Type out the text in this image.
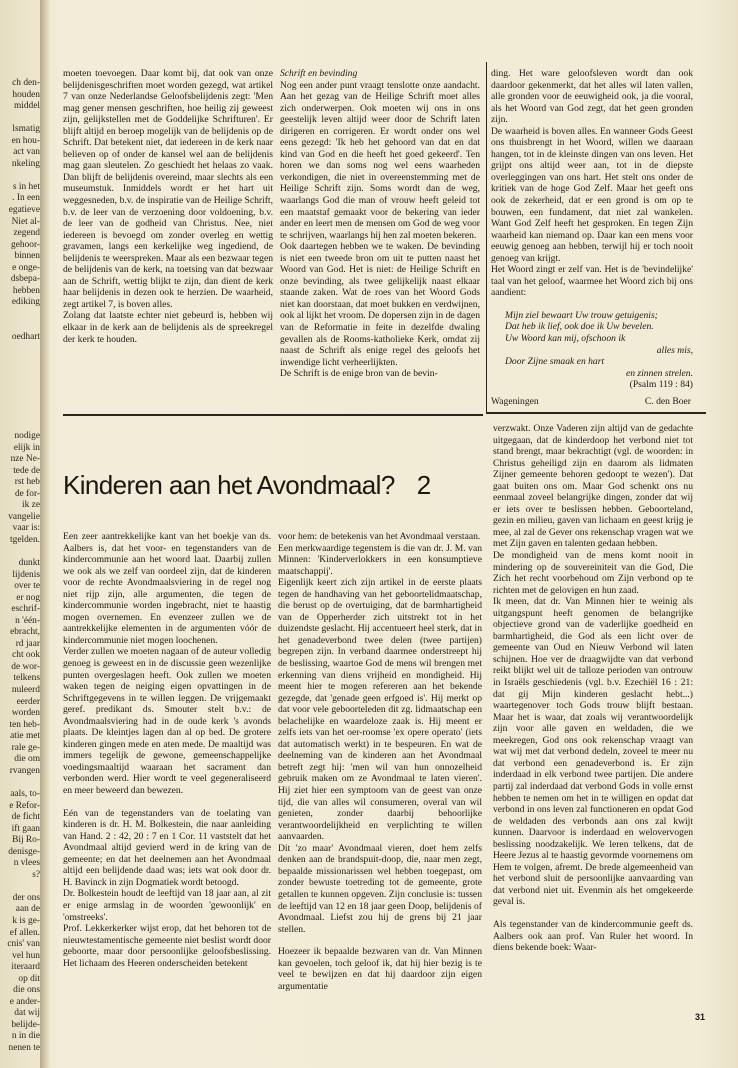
ch den-
houden
middel
lsmatig
en hou-
act van
nkeling
s in het
. In een
egatieve
Niet al-
zegend
gehoor-
binnen
e onge-
dsbepa-
hebben
ediking
oedhart
nodige
elijk in
nze Ne-
tede de
rst heb
de for-
ik ze
vangelie
vaar is:
tgelden.
dunkt
lijdenis
over te
er nog
eschrif-
n 'één-
ebracht,
rd jaar
cht ook
de wor-
telkens
nuleerd
eerder
worden
ten heb-
atie met
rale ge-
die om
rvangen
aals, to-
e Refor-
de ficht
ift gaan
Bij Ro-
denisge-
n vlees
s?
der ons
aan de
k is ge-
ef allen.
cnis' van
vel hun
iteraard
op dit
die ons
e ander-
dat wij
belijde-
n in die
nenen te

moeten toevoegen. Daar komt bij, dat ook van onze belijdenisgeschriften moet worden gezegd, wat artikel 7 van onze Nederlandse Geloofsbelijdenis zegt: 'Men mag gener mensen geschriften, hoe heilig zij geweest zijn, gelijkstellen met de Goddelijke Schrifturen'. Er blijft altijd en beroep mogelijk van de belijdenis op de Schrift. Dat betekent niet, dat iedereen in de kerk naar believen op of onder de kansel wel aan de belijdenis mag gaan sleutelen. Zo geschiedt het helaas zo vaak. Dan blijft de belijdenis overeind, maar slechts als een museumstuk. Inmiddels wordt er het hart uit weggesneden, b.v. de inspiratie van de Heilige Schrift, b.v. de leer van de verzoening door voldoening, b.v. de leer van de godheid van Christus. Nee, niet iedereen is bevoegd om zonder overleg en wettig gravamen, langs een kerkelijke weg ingediend, de belijdenis te weerspreken. Maar als een bezwaar tegen de belijdenis van de kerk, na toetsing van dat bezwaar aan de Schrift, wettig blijkt te zijn, dan dient de kerk haar belijdenis in dezen ook te herzien. De waarheid, zegt artikel 7, is boven alles.

Zolang dat laatste echter niet gebeurd is, hebben wij elkaar in de kerk aan de belijdenis als de spreekregel der kerk te houden.

Schrift en bevinding

Nog een ander punt vraagt tenslotte onze aandacht. Aan het gezag van de Heilige Schrift moet alles zich onderwerpen. Ook moeten wij ons in ons geestelijk leven altijd weer door de Schrift laten dirigeren en corrigeren. Er wordt onder ons wel eens gezegd: 'Ik heb het gehoord van dat en dat kind van God en die heeft het goed gekeerd'. Ten horen we dan soms nog wel eens waarheden verkondigen, die niet in overeenstemming met de Heilige Schrift zijn. Soms wordt dan de weg, waarlangs God die man of vrouw heeft geleid tot een maatstaf gemaakt voor de bekering van ieder ander en leert men de mensen om God de weg voor te schrijven, waarlangs hij hen zal moeten bekeren.

Ook daartegen hebben we te waken. De bevinding is niet een tweede bron om uit te putten naast het Woord van God. Het is niet: de Heilige Schrift en onze bevinding, als twee gelijkelijk naast elkaar staande zaken. Wat de roes van het Woord Gods niet kan doorstaan, dat moet bukken en verdwijnen, ook al lijkt het vroom. De dopersen zijn in de dagen van de Reformatie in feite in dezelfde dwaling gevallen als de Rooms-katholieke Kerk, omdat zij naast de Schrift als enige regel des geloofs het inwendige licht verheerlijkten.

De Schrift is de enige bron van de bevin-

ding. Het ware geloofsleven wordt dan ook daardoor gekenmerkt, dat het alles wil laten vallen, alle gronden voor de eeuwigheid ook, ja die vooral, als het Woord van God zegt, dat het geen gronden zijn.

De waarheid is boven alles. En wanneer Gods Geest ons thuisbrengt in het Woord, willen we daaraan hangen, tot in de kleinste dingen van ons leven. Het grijpt ons altijd weer aan, tot in de diepste overleggingen van ons hart. Het stelt ons onder de kritiek van de hoge God Zelf. Maar het geeft ons ook de zekerheid, dat er een grond is om op te bouwen, een fundament, dat niet zal wankelen. Want God Zelf heeft het gesproken. En tegen Zijn waarheid kan niemand op. Daar kan een mens voor eeuwig genoeg aan hebben, terwijl hij er toch nooit genoeg van krijgt.

Het Woord zingt er zelf van. Het is de 'bevindelijke' taal van het geloof, waarmee het Woord zich bij ons aandient:

Mijn ziel bewaart Uw trouw getuigenis;
Dat heb ik lief, ook doe ik Uw bevelen.
Uw Woord kan mij, ofschoon ik
alles mis,
Door Zijne smaak en hart
en zinnen strelen.
(Psalm 119 : 84)
Wageningen	C. den Boer
Kinderen aan het Avondmaal? 2

Een zeer aantrekkelijke kant van het boekje van ds. Aalbers is, dat het voor- en tegenstanders van de kindercommunie aan het woord laat. Daarbij zullen we ook als we zelf van oordeel zijn, dat de kinderen voor de rechte Avondmaalsviering in de regel nog niet rijp zijn, alle argumenten, die tegen de kindercommunie worden ingebracht, niet te haastig mogen overnemen. En evenzeer zullen we de aantrekkelijke elementen in de argumenten vóór de kindercommunie niet mogen loochenen.

Verder zullen we moeten nagaan of de auteur volledig genoeg is geweest en in de discussie geen wezenlijke punten overgeslagen heeft. Ook zullen we moeten waken tegen de neiging eigen opvattingen in de Schriftgegevens in te willen leggen. De vrijgemaakt geref. predikant ds. Smouter stelt b.v.: de Avondmaalsviering had in de oude kerk 's avonds plaats. De kleintjes lagen dan al op bed. De grotere kinderen gingen mede en aten mede. De maaltijd was immers tegelijk de gewone, gemeenschappelijke voedingsmaaltijd waaraan het sacrament dan verbonden werd. Hier wordt te veel gegeneraliseerd en meer beweerd dan bewezen.

Eén van de tegenstanders van de toelating van kinderen is dr. H. M. Bolkestein, die naar aanleiding van Hand. 2 : 42, 20 : 7 en 1 Cor. 11 vaststelt dat het Avondmaal altijd gevierd werd in de kring van de gemeente; en dat het deelnemen aan het Avondmaal altijd een belijdende daad was; iets wat ook door dr. H. Bavinck in zijn Dogmatiek wordt betoogd.

Dr. Bolkestein houdt de leeftijd van 18 jaar aan, al zit er enige armslag in de woorden 'gewoonlijk' en 'omstreeks'.

Prof. Lekkerkerker wijst erop, dat het behoren tot de nieuwtestamentische gemeente niet beslist wordt door geboorte, maar door persoonlijke geloofsbeslissing. Het lichaam des Heeren onderscheiden betekent

voor hem: de betekenis van het Avondmaal verstaan.

Een merkwaardige tegenstem is die van dr. J. M. van Minnen: 'Kinderverlokkers in een konsumptieve maatschappij'.

Eigenlijk keert zich zijn artikel in de eerste plaats tegen de handhaving van het geboortelidmaatschap, die berust op de overtuiging, dat de barmhartigheid van de Opperherder zich uitstrekt tot in het duizendste geslacht. Hij accentueert heel sterk, dat in het genadeverbond twee delen (twee partijen) begrepen zijn. In verband daarmee onderstreept hij de beslissing, waartoe God de mens wil brengen met erkenning van diens vrijheid en mondigheid. Hij meent hier te mogen refereren aan het bekende gezegde, dat 'genade geen erfgoed is'. Hij merkt op dat voor vele geboorteleden dit zg. lidmaatschap een belachelijke en waardeloze zaak is. Hij meent er zelfs iets van het oer-roomse 'ex opere operato' (iets dat automatisch werkt) in te bespeuren. En wat de deelneming van de kinderen aan het Avondmaal betreft zegt hij: 'men wil van hun onnozelheid gebruik maken om ze Avondmaal te laten vieren'. Hij ziet hier een symptoom van de geest van onze tijd, die van alles wil consumeren, overal van wil genieten, zonder daarbij behoorlijke verantwoordelijkheid en verplichting te willen aanvaarden.

Dit 'zo maar' Avondmaal vieren, doet hem zelfs denken aan de brandspuit-doop, die, naar men zegt, bepaalde missionarissen wel hebben toegepast, om zonder bewuste toetreding tot de gemeente, grote getallen te kunnen opgeven. Zijn conclusie is: tussen de leeftijd van 12 en 18 jaar geen Doop, belijdenis of Avondmaal. Liefst zou hij de grens bij 21 jaar stellen.

Hoezeer ik bepaalde bezwaren van dr. Van Minnen kan gevoelen, toch geloof ik, dat hij hier bezig is te veel te bewijzen en dat hij daardoor zijn eigen argumentatie

verzwakt. Onze Vaderen zijn altijd van de gedachte uitgegaan, dat de kinderdoop het verbond niet tot stand brengt, maar bekrachtigt (vgl. de woorden: in Christus geheiligd zijn en daarom als lidmaten Zijner gemeente behoren gedoopt te wezen'). Dat gaat buiten ons om. Maar God schenkt ons nu eenmaal zoveel belangrijke dingen, zonder dat wij er iets over te beslissen hebben. Geboorteland, gezin en milieu, gaven van lichaam en geest krijg je mee, al zal de Gever ons rekenschap vragen wat we met Zijn gaven en talenten gedaan hebben.

De mondigheid van de mens komt nooit in mindering op de souvereiniteit van die God, Die Zich het recht voorbehoud om Zijn verbond op te richten met de gelovigen en hun zaad.

Ik meen, dat dr. Van Minnen hier te weinig als uitgangspunt heeft genomen de belangrijke objectieve grond van de vaderlijke goedheid en barmhartigheid, die God als een licht over de gemeente van Oud en Nieuw Verbond wil laten schijnen. Hoe ver de draagwijdte van dat verbond reikt blijkt wel uit de talloze perioden van ontrouw in Israëls geschiedenis (vgl. b.v. Ezechiël 16 : 21: dat gij Mijn kinderen geslacht hebt...) waartegenover toch Gods trouw blijft bestaan. Maar het is waar, dat zoals wij verantwoordelijk zijn voor alle gaven en weldaden, die we meekregen, God ons ook rekenschap vraagt van wat wij met dat verbond dedeln, zoveel te meer nu dat verbond een genadeverbond is. Er zijn inderdaad in elk verbond twee partijen. Die andere partij zal inderdaad dat verbond Gods in volle ernst hebben te nemen om het in te willigen en opdat dat verbond in ons leven zal functioneren en opdat God de weldaden des verbonds aan ons zal kwijt kunnen. Daarvoor is inderdaad en welovervogen beslissing noodzakelijk. We leren telkens, dat de Heere Jezus al te haastig gevormde voornemens om Hem te volgen, afremt. De brede algemeenheid van het verbond sluit de persoonlijke aanvaarding van dat verbond niet uit. Evenmin als het omgekeerde geval is.

Als tegenstander van de kindercommunie geeft ds. Aalbers ook aan prof. Van Ruler het woord. In diens bekende boek: Waar-

31
